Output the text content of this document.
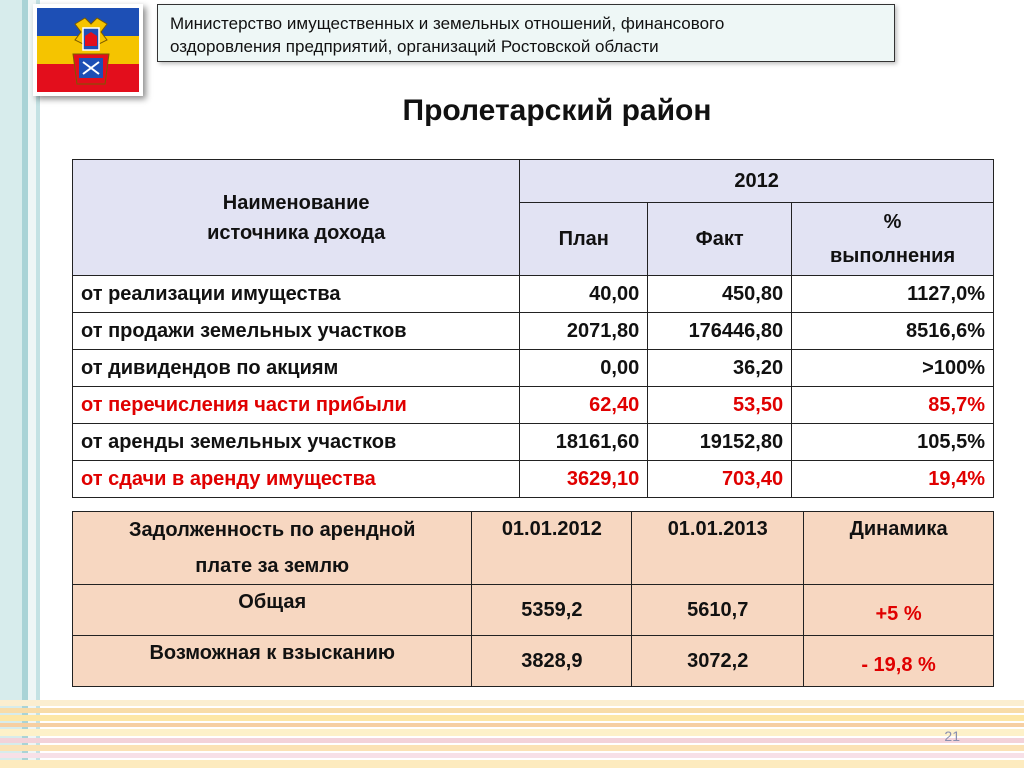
Министерство имущественных и земельных отношений, финансового
оздоровления предприятий, организаций Ростовской области
Пролетарский район
Наименование
источника дохода	2012		
	План	Факт	%
выполнения

от реализации имущества	40,00	450,80	1127,0%
от продажи земельных участков	2071,80	176446,80	8516,6%
от дивидендов по акциям	0,00	36,20	>100%
от перечисления части прибыли	62,40	53,50	85,7%
от аренды земельных участков	18161,60	19152,80	105,5%
от сдачи в аренду имущества	3629,10	703,40	19,4%
Задолженность по арендной
плате за землю	01.01.2012	01.01.2013	Динамика
Общая	5359,2	5610,7	+5 %
Возможная к взысканию	3828,9	3072,2	- 19,8 %
21
